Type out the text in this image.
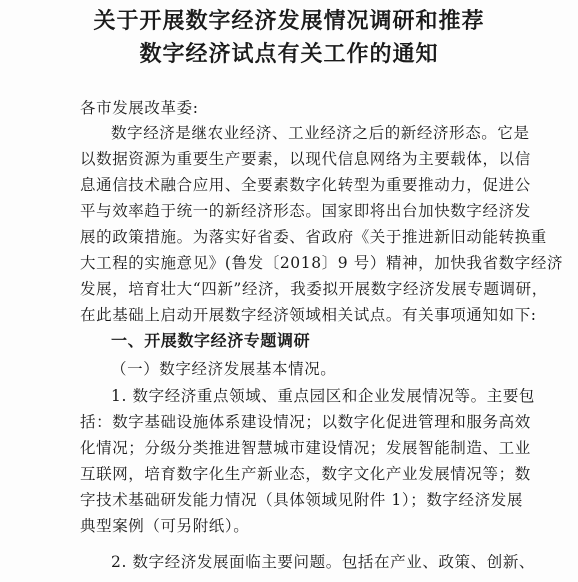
关于开展数字经济发展情况调研和推荐
数字经济试点有关工作的通知
各市发展改革委:
数字经济是继农业经济、工业经济之后的新经济形态。它是
以数据资源为重要生产要素，以现代信息网络为主要载体，以信
息通信技术融合应用、全要素数字化转型为重要推动力，促进公
平与效率趋于统一的新经济形态。国家即将出台加快数字经济发
展的政策措施。为落实好省委、省政府《关于推进新旧动能转换重
大工程的实施意见》(鲁发〔2018〕9 号）精神，加快我省数字经济
发展，培育壮大“四新”经济，我委拟开展数字经济发展专题调研，
在此基础上启动开展数字经济领域相关试点。有关事项通知如下:
一、开展数字经济专题调研
（一）数字经济发展基本情况。
1. 数字经济重点领域、重点园区和企业发展情况等。主要包
括：数字基础设施体系建设情况；以数字化促进管理和服务高效
化情况；分级分类推进智慧城市建设情况；发展智能制造、工业
互联网，培育数字化生产新业态，数字文化产业发展情况等；数
字技术基础研发能力情况（具体领域见附件 1）；数字经济发展
典型案例（可另附纸）。
2. 数字经济发展面临主要问题。包括在产业、政策、创新、
